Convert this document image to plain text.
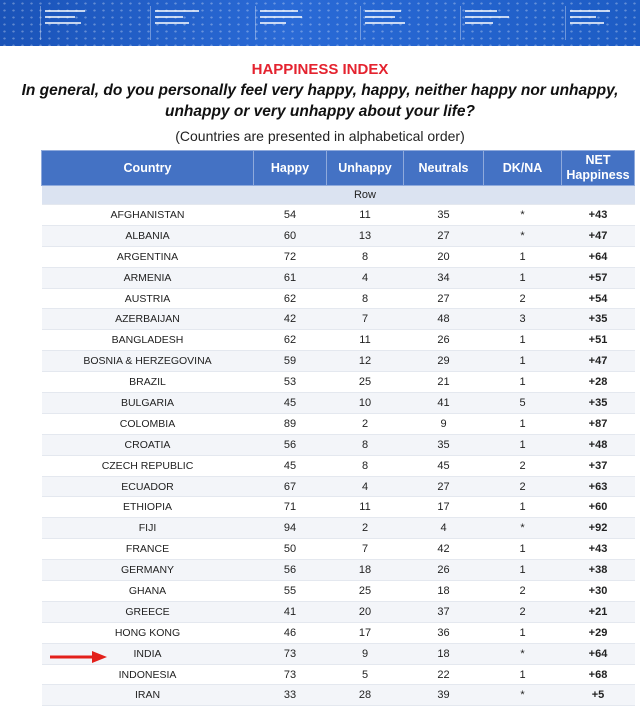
HAPPINESS INDEX
In general, do you personally feel very happy, happy, neither happy nor unhappy, unhappy or very unhappy about your life?
(Countries are presented in alphabetical order)
Country	Happy	Unhappy	Neutrals	DK/NA	NET Happiness
		Row			
AFGHANISTAN	54	11	35	*	+43
ALBANIA	60	13	27	*	+47
ARGENTINA	72	8	20	1	+64
ARMENIA	61	4	34	1	+57
AUSTRIA	62	8	27	2	+54
AZERBAIJAN	42	7	48	3	+35
BANGLADESH	62	11	26	1	+51
BOSNIA & HERZEGOVINA	59	12	29	1	+47
BRAZIL	53	25	21	1	+28
BULGARIA	45	10	41	5	+35
COLOMBIA	89	2	9	1	+87
CROATIA	56	8	35	1	+48
CZECH REPUBLIC	45	8	45	2	+37
ECUADOR	67	4	27	2	+63
ETHIOPIA	71	11	17	1	+60
FIJI	94	2	4	*	+92
FRANCE	50	7	42	1	+43
GERMANY	56	18	26	1	+38
GHANA	55	25	18	2	+30
GREECE	41	20	37	2	+21
HONG KONG	46	17	36	1	+29
INDIA	73	9	18	*	+64
INDONESIA	73	5	22	1	+68
IRAN	33	28	39	*	+5
